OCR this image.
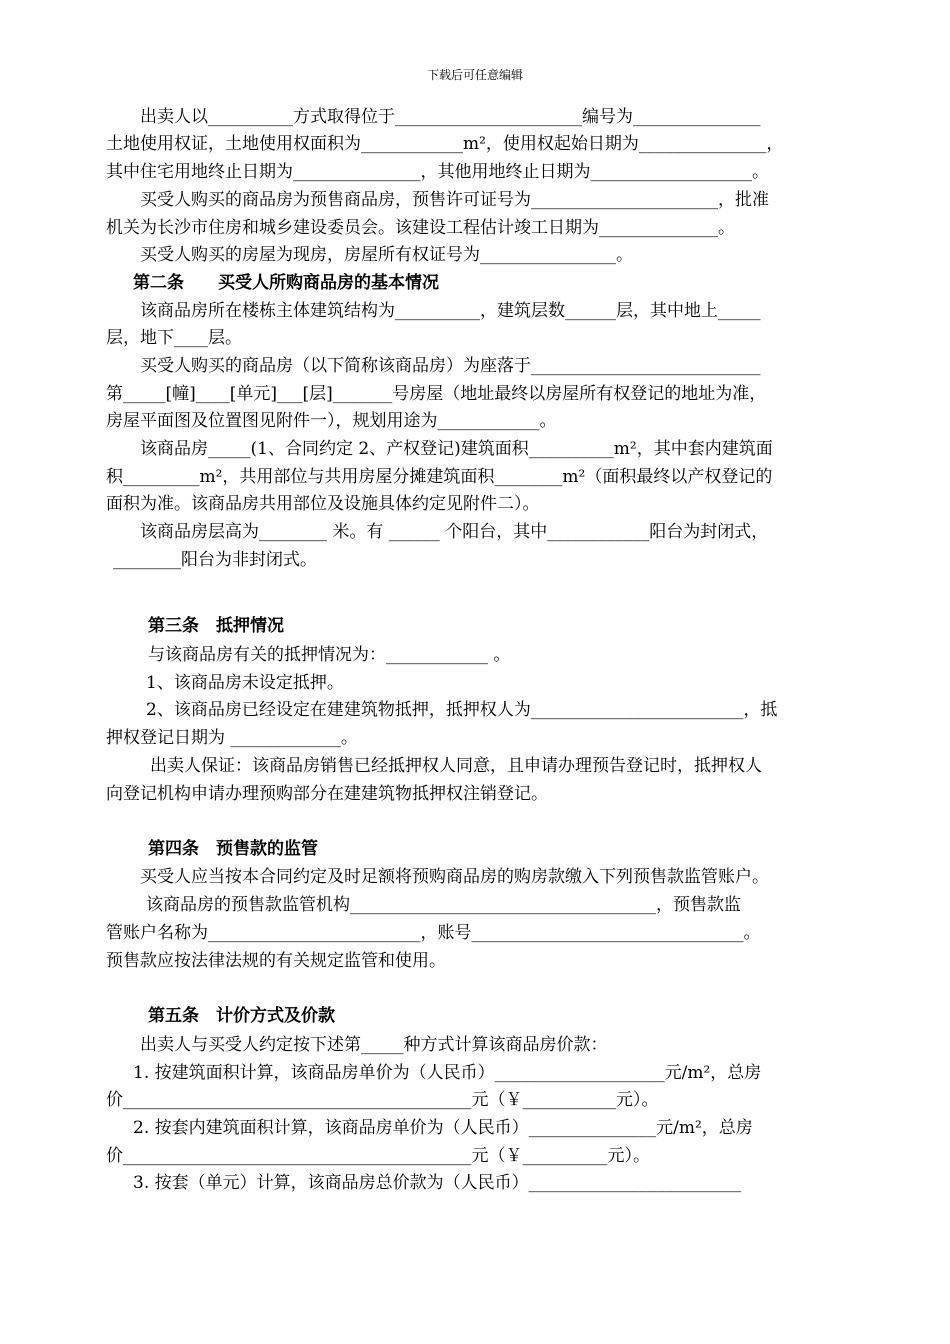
下载后可任意编辑
出卖人以__________方式取得位于______________________编号为_______________
土地使用权证，土地使用权面积为____________m²，使用权起始日期为_______________，
其中住宅用地终止日期为_______________，其他用地终止日期为___________________。
买受人购买的商品房为预售商品房，预售许可证号为______________________，批准
机关为长沙市住房和城乡建设委员会。该建设工程估计竣工日期为______________。
买受人购买的房屋为现房，房屋所有权证号为________________。
第二条　　买受人所购商品房的基本情况
该商品房所在楼栋主体建筑结构为__________，建筑层数______层，其中地上_____
层，地下____层。
买受人购买的商品房（以下简称该商品房）为座落于___________________________
第_____[幢]____[单元]___[层]_______号房屋（地址最终以房屋所有权登记的地址为准，
房屋平面图及位置图见附件一），规划用途为____________。
该商品房_____(1、合同约定 2、产权登记)建筑面积__________m²，其中套内建筑面
积_________m²，共用部位与共用房屋分摊建筑面积________m²（面积最终以产权登记的
面积为准。该商品房共用部位及设施具体约定见附件二）。
该商品房层高为________ 米。有 ______ 个阳台，其中____________阳台为封闭式，
________阳台为非封闭式。
第三条　抵押情况
与该商品房有关的抵押情况为：____________ 。
1、该商品房未设定抵押。
2、该商品房已经设定在建建筑物抵押，抵押权人为_________________________，抵
押权登记日期为 _____________。
出卖人保证：该商品房销售已经抵押权人同意，且申请办理预告登记时，抵押权人
向登记机构申请办理预购部分在建建筑物抵押权注销登记。
第四条　预售款的监管
买受人应当按本合同约定及时足额将预购商品房的购房款缴入下列预售款监管账户。
该商品房的预售款监管机构____________________________________，预售款监
管账户名称为_________________________，账号________________________________。
预售款应按法律法规的有关规定监管和使用。
第五条　计价方式及价款
出卖人与买受人约定按下述第_____种方式计算该商品房价款：
1. 按建筑面积计算，该商品房单价为（人民币）____________________元/m²，总房
价_________________________________________元（￥___________元）。
2. 按套内建筑面积计算，该商品房单价为（人民币）_______________元/m²，总房
价_________________________________________元（￥__________元）。
3. 按套（单元）计算，该商品房总价款为（人民币）_________________________
